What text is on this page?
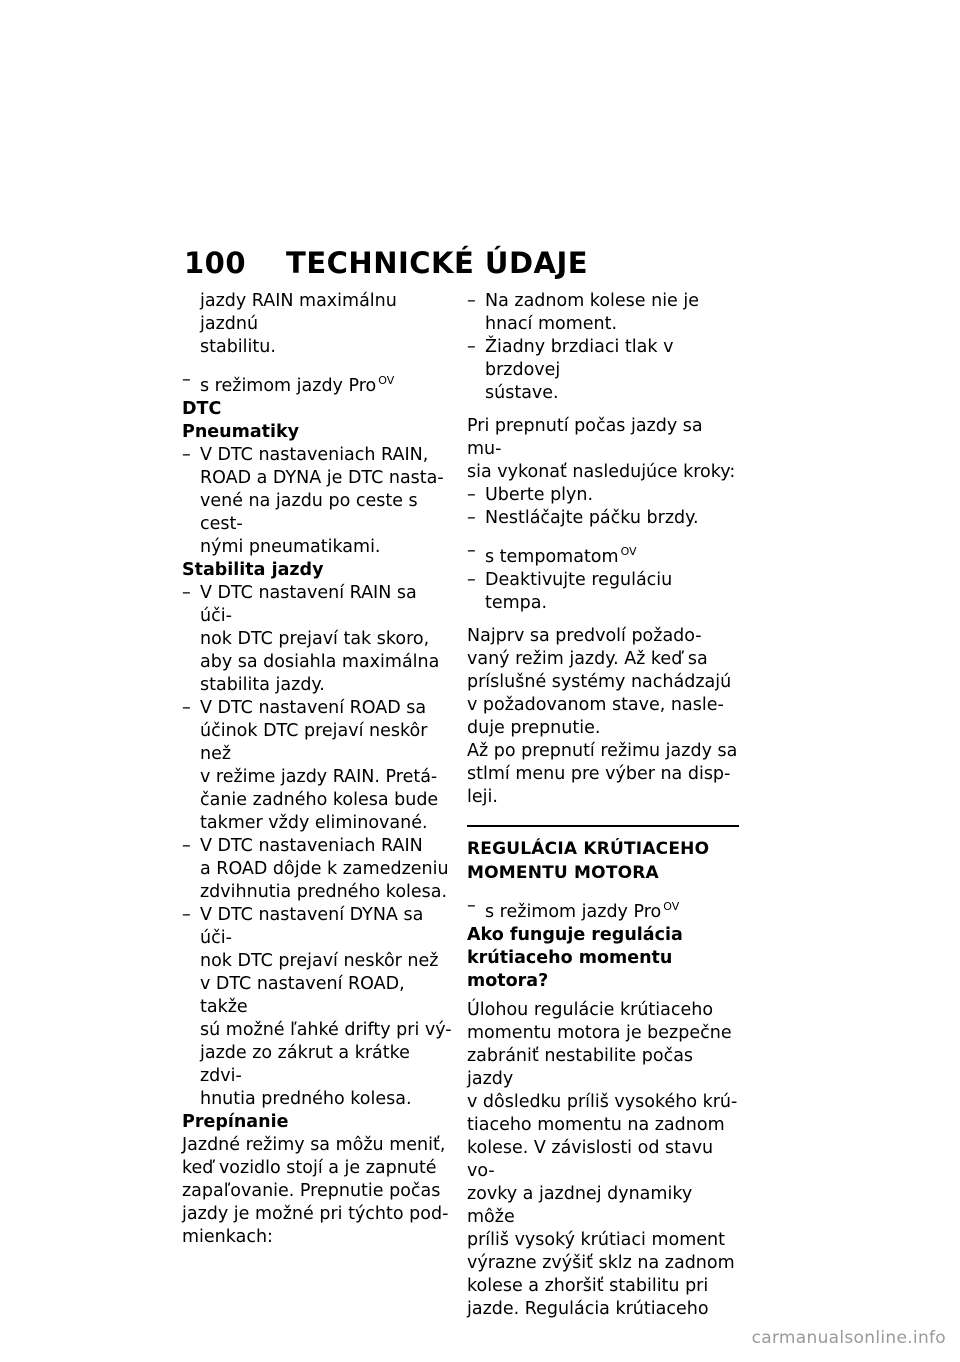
100 TECHNICKÉ ÚDAJE

jazdy RAIN maximálnu jazdnú
stabilitu.

– s režimom jazdy Pro $^{OV}$

DTC

Pneumatiky

– V DTC nastaveniach RAIN,
ROAD a DYNA je DTC nasta-
vené na jazdu po ceste s cest-
nými pneumatikami.

Stabilita jazdy

– V DTC nastavení RAIN sa úči-
nok DTC prejaví tak skoro,
aby sa dosiahla maximálna
stabilita jazdy.
– V DTC nastavení ROAD sa
účinok DTC prejaví neskôr než
v režime jazdy RAIN. Pretá-
čanie zadného kolesa bude
takmer vždy eliminované.
– V DTC nastaveniach RAIN
a ROAD dôjde k zamedzeniu
zdvihnutia predného kolesa.
– V DTC nastavení DYNA sa úči-
nok DTC prejaví neskôr než
v DTC nastavení ROAD, takže
sú možné ľahké drifty pri vý-
jazde zo zákrut a krátke zdvi-
hnutia predného kolesa.

Prepínanie

Jazdné režimy sa môžu meniť,
keď vozidlo stojí a je zapnuté
zapaľovanie. Prepnutie počas
jazdy je možné pri týchto pod-
mienkach:

– Na zadnom kolese nie je
hnací moment.
– Žiadny brzdiaci tlak v brzdovej
sústave.

Pri prepnutí počas jazdy sa mu-
sia vykonať nasledujúce kroky:

– Uberte plyn.
– Nestláčajte páčku brzdy.

– s tempomatom $^{OV}$

– Deaktivujte reguláciu tempa.

Najprv sa predvolí požado-
vaný režim jazdy. Až keď sa
príslušné systémy nachádzajú
v požadovanom stave, nasle-
duje prepnutie.

Až po prepnutí režimu jazdy sa
stlmí menu pre výber na disp-
leji.

REGULÁCIA KRÚTIACEHO
MOMENTU MOTORA

– s režimom jazdy Pro $^{OV}$

Ako funguje regulácia
krútiaceho momentu motora?

Úlohou regulácie krútiaceho
momentu motora je bezpečne
zabrániť nestabilite počas jazdy
v dôsledku príliš vysokého krú-
tiaceho momentu na zadnom
kolese. V závislosti od stavu vo-
zovky a jazdnej dynamiky môže
príliš vysoký krútiaci moment
výrazne zvýšiť sklz na zadnom
kolese a zhoršiť stabilitu pri
jazde. Regulácia krútiaceho

carmanualsonline.info
